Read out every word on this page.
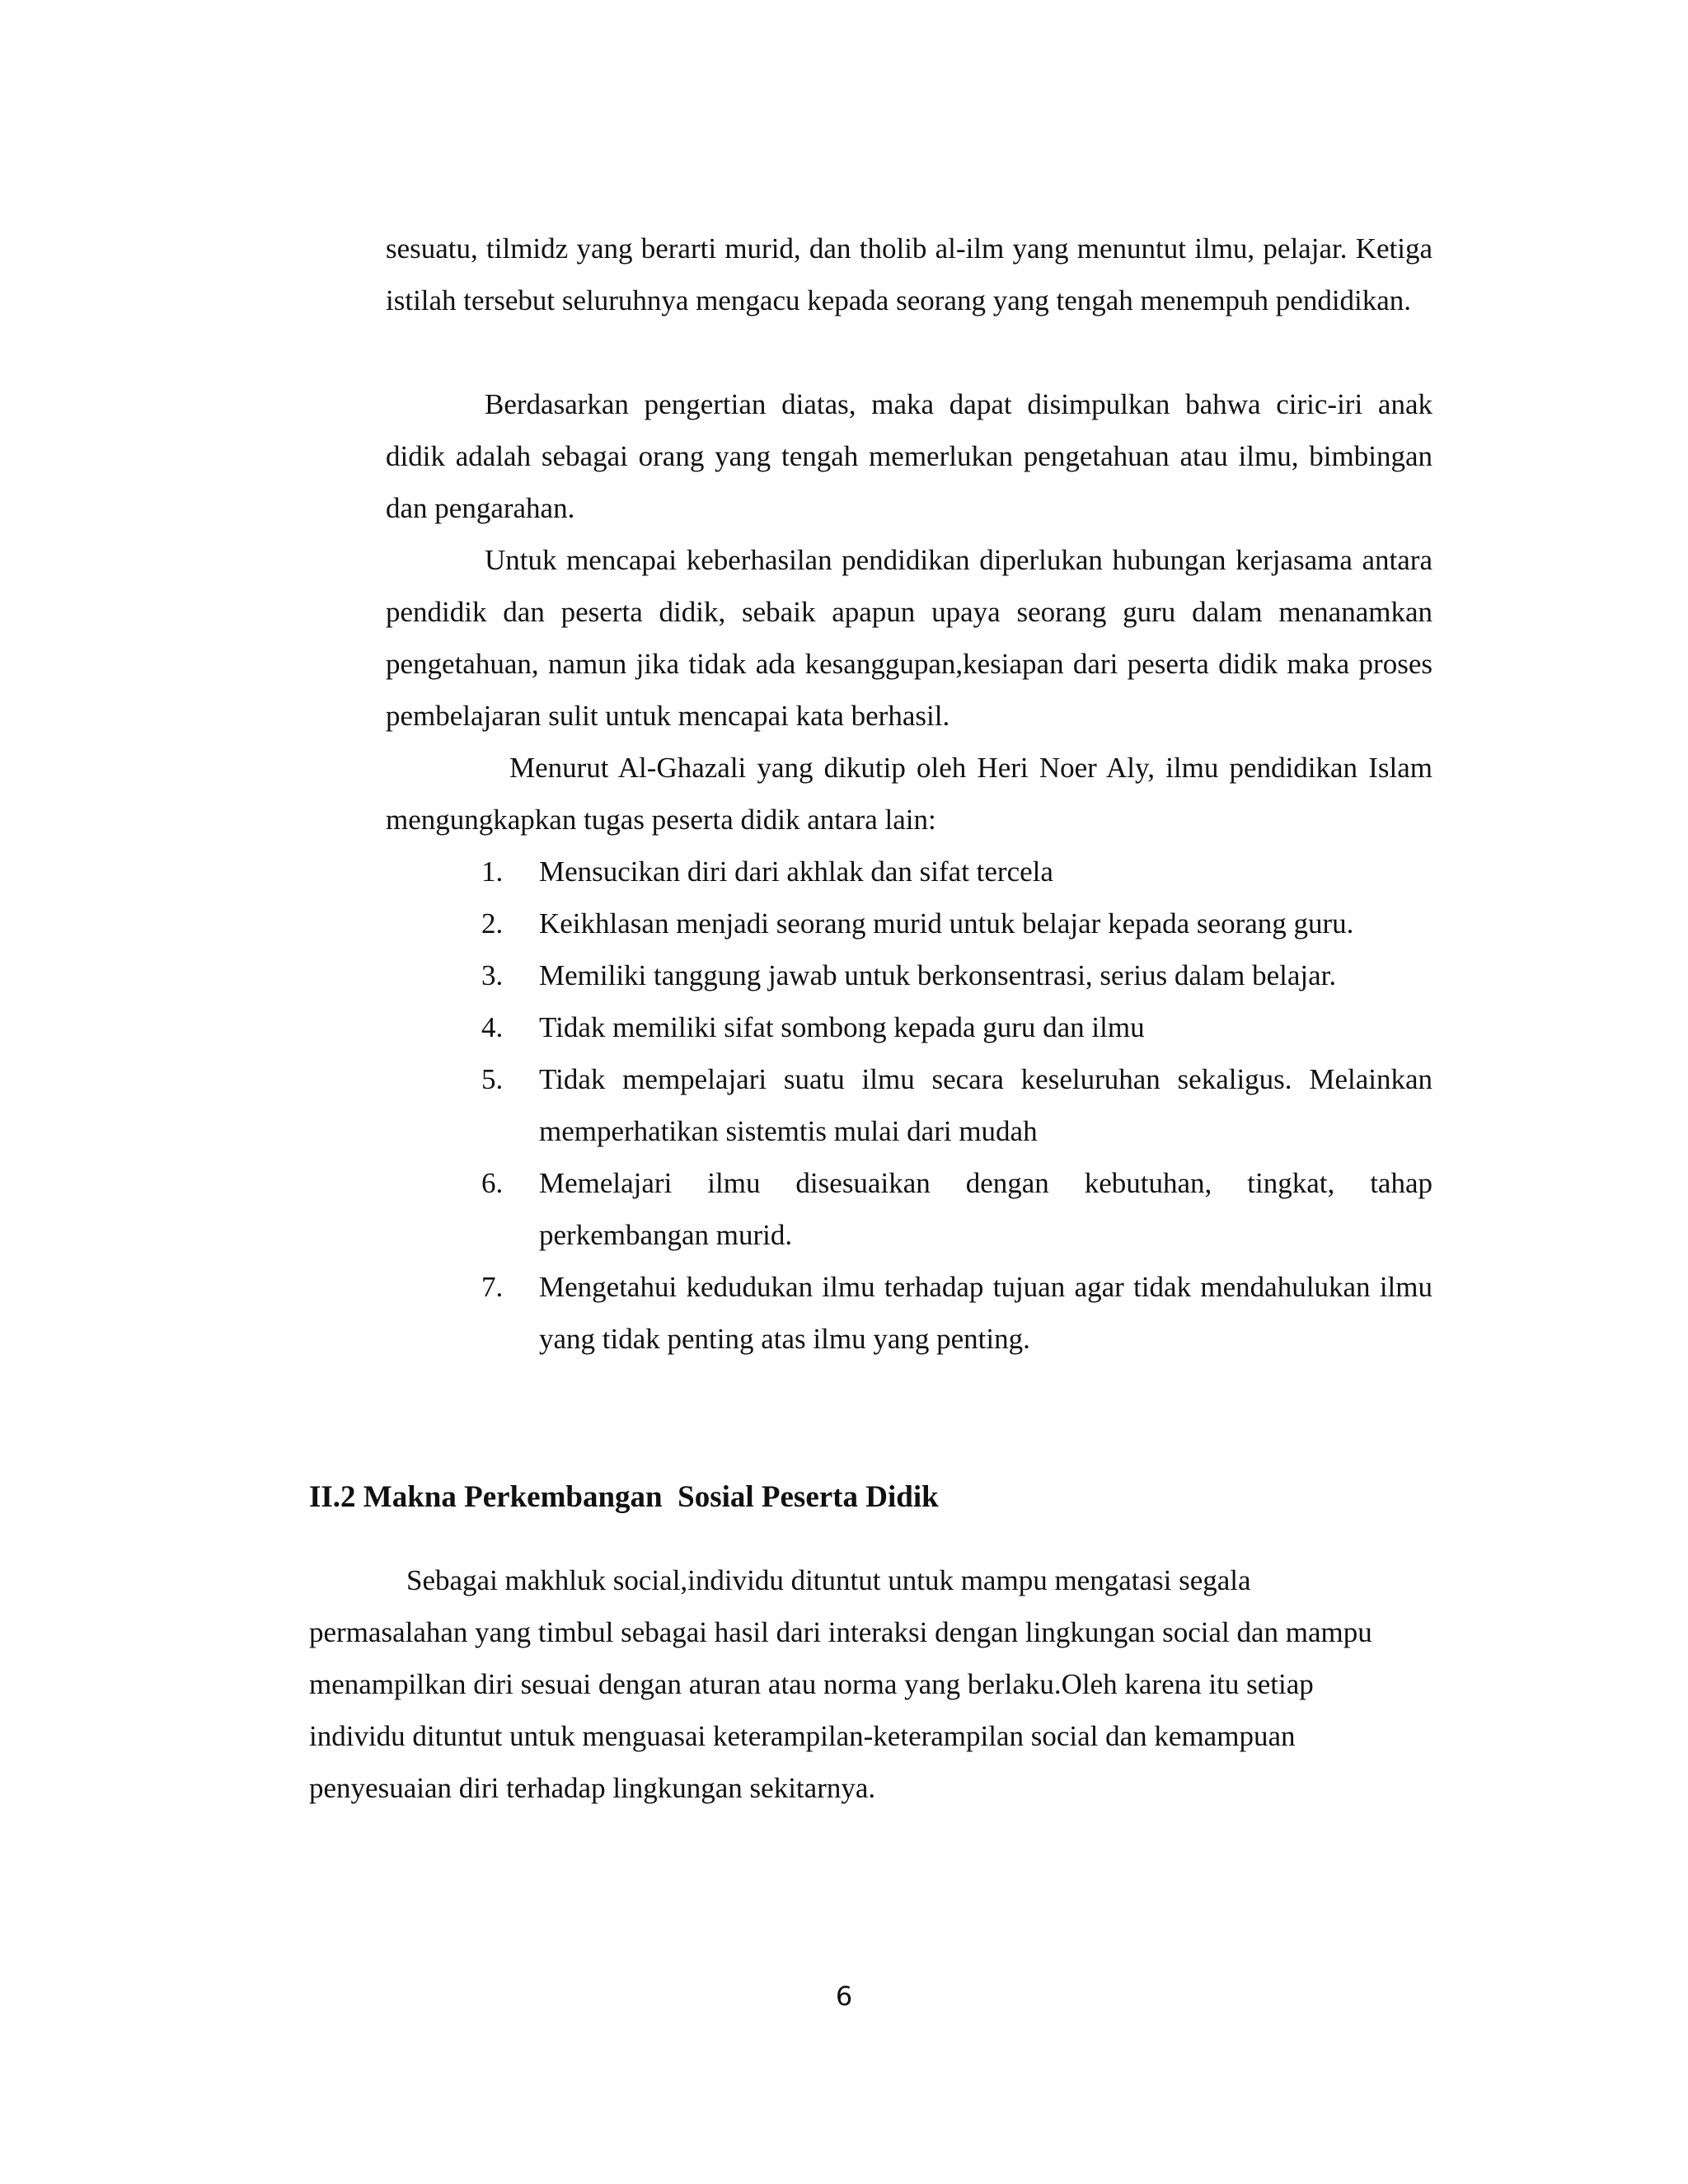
sesuatu, tilmidz yang berarti murid, dan tholib al-ilm yang menuntut ilmu, pelajar. Ketiga istilah tersebut seluruhnya mengacu kepada seorang yang tengah menempuh pendidikan.
Berdasarkan pengertian diatas, maka dapat disimpulkan bahwa ciric-iri anak didik adalah sebagai orang yang tengah memerlukan pengetahuan atau ilmu, bimbingan dan pengarahan.
Untuk mencapai keberhasilan pendidikan diperlukan hubungan kerjasama antara pendidik dan peserta didik, sebaik apapun upaya seorang guru dalam menanamkan pengetahuan, namun jika tidak ada kesanggupan,kesiapan dari peserta didik maka proses pembelajaran sulit untuk mencapai kata berhasil.
Menurut Al-Ghazali yang dikutip oleh Heri Noer Aly, ilmu pendidikan Islam mengungkapkan tugas peserta didik antara lain:
1. Mensucikan diri dari akhlak dan sifat tercela
2. Keikhlasan menjadi seorang murid untuk belajar kepada seorang guru.
3. Memiliki tanggung jawab untuk berkonsentrasi, serius dalam belajar.
4. Tidak memiliki sifat sombong kepada guru dan ilmu
5. Tidak mempelajari suatu ilmu secara keseluruhan sekaligus. Melainkan memperhatikan sistemtis mulai dari mudah
6. Memelajari ilmu disesuaikan dengan kebutuhan, tingkat, tahap perkembangan murid.
7. Mengetahui kedudukan ilmu terhadap tujuan agar tidak mendahulukan ilmu yang tidak penting atas ilmu yang penting.
II.2 Makna Perkembangan  Sosial Peserta Didik
Sebagai makhluk social,individu dituntut untuk mampu mengatasi segala
permasalahan yang timbul sebagai hasil dari interaksi dengan lingkungan social dan mampu
menampilkan diri sesuai dengan aturan atau norma yang berlaku.Oleh karena itu setiap
individu dituntut untuk menguasai keterampilan-keterampilan social dan kemampuan
penyesuaian diri terhadap lingkungan sekitarnya.
6
